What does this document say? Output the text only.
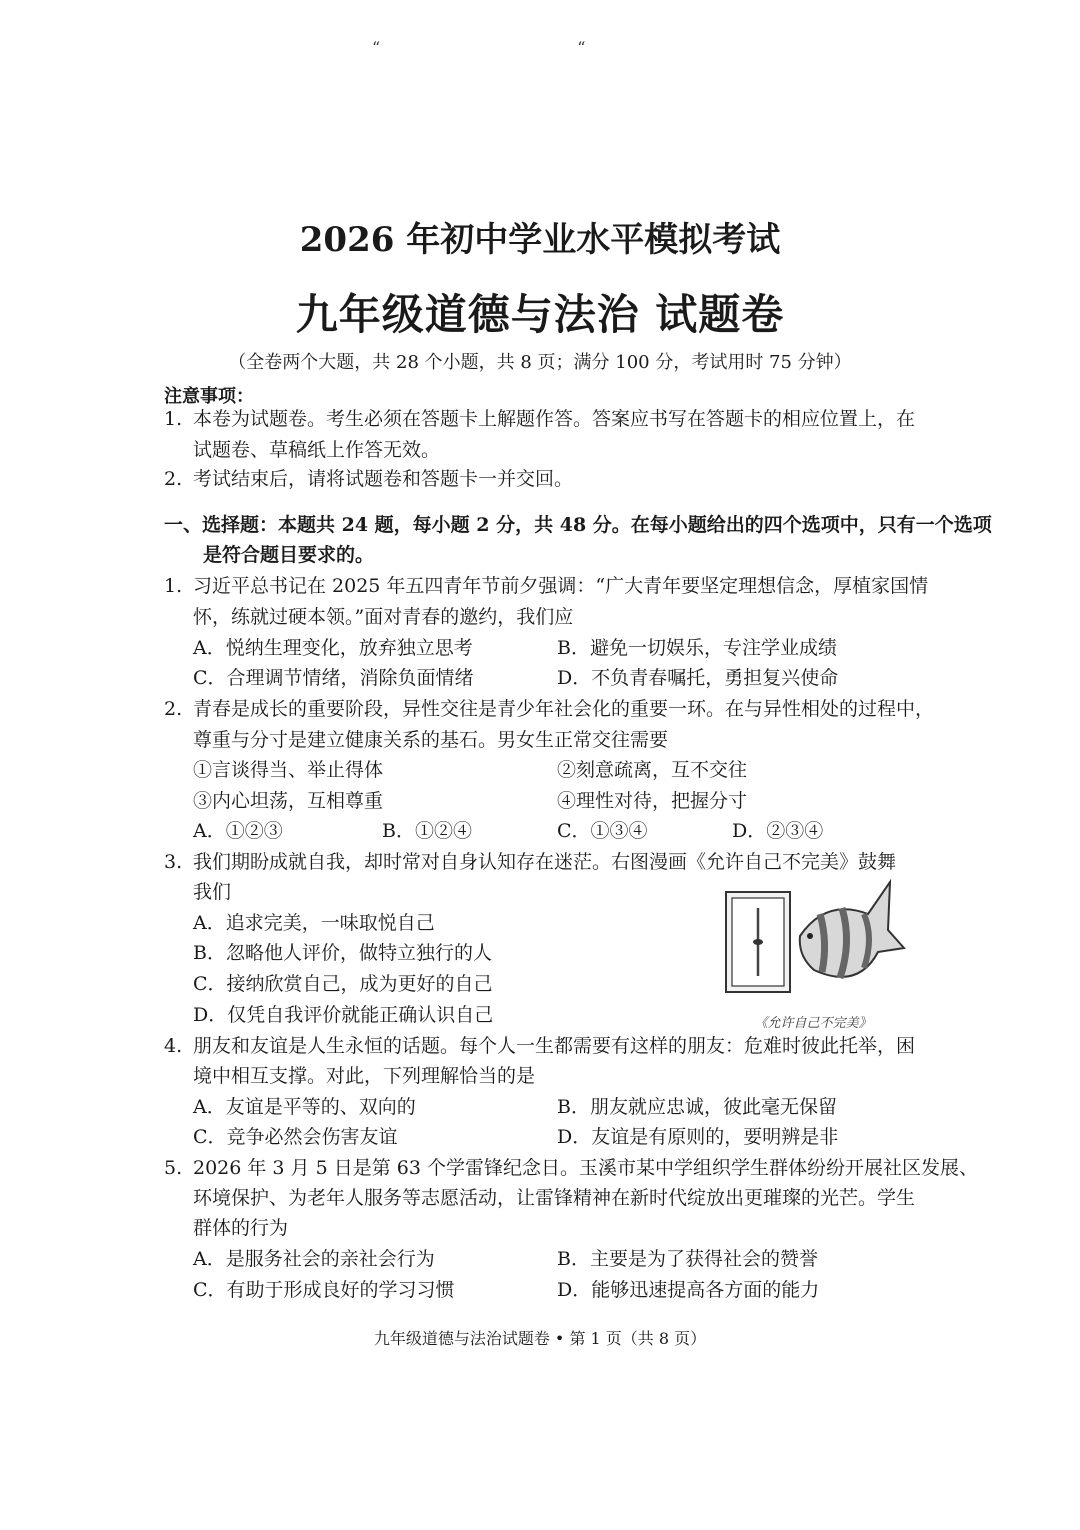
“ “
2026 年初中学业水平模拟考试
九年级道德与法治 试题卷
（全卷两个大题，共 28 个小题，共 8 页；满分 100 分，考试用时 75 分钟）
注意事项：
1. 本卷为试题卷。考生必须在答题卡上解题作答。答案应书写在答题卡的相应位置上，在
试题卷、草稿纸上作答无效。
2. 考试结束后，请将试题卷和答题卡一并交回。
一、选择题：本题共 24 题，每小题 2 分，共 48 分。在每小题给出的四个选项中，只有一个选项
是符合题目要求的。
1. 习近平总书记在 2025 年五四青年节前夕强调：“广大青年要坚定理想信念，厚植家国情
怀，练就过硬本领。”面对青春的邀约，我们应
A．悦纳生理变化，放弃独立思考	B．避免一切娱乐，专注学业成绩
C．合理调节情绪，消除负面情绪	D．不负青春嘱托，勇担复兴使命
2. 青春是成长的重要阶段，异性交往是青少年社会化的重要一环。在与异性相处的过程中，
尊重与分寸是建立健康关系的基石。男女生正常交往需要
①言谈得当、举止得体	②刻意疏离，互不交往
③内心坦荡，互相尊重	④理性对待，把握分寸
A．①②③	B．①②④	C．①③④	D．②③④
3. 我们期盼成就自我，却时常对自身认知存在迷茫。右图漫画《允许自己不完美》鼓舞
我们
A．追求完美，一味取悦自己
B．忽略他人评价，做特立独行的人
C．接纳欣赏自己，成为更好的自己
D．仅凭自我评价就能正确认识自己	《允许自己不完美》
4. 朋友和友谊是人生永恒的话题。每个人一生都需要有这样的朋友：危难时彼此托举，困
境中相互支撑。对此，下列理解恰当的是
A．友谊是平等的、双向的	B．朋友就应忠诚，彼此毫无保留
C．竞争必然会伤害友谊	D．友谊是有原则的，要明辨是非
5. 2026 年 3 月 5 日是第 63 个学雷锋纪念日。玉溪市某中学组织学生群体纷纷开展社区发展、
环境保护、为老年人服务等志愿活动，让雷锋精神在新时代绽放出更璀璨的光芒。学生
群体的行为
A．是服务社会的亲社会行为	B．主要是为了获得社会的赞誉
C．有助于形成良好的学习习惯	D．能够迅速提高各方面的能力
九年级道德与法治试题卷 • 第 1 页（共 8 页）
